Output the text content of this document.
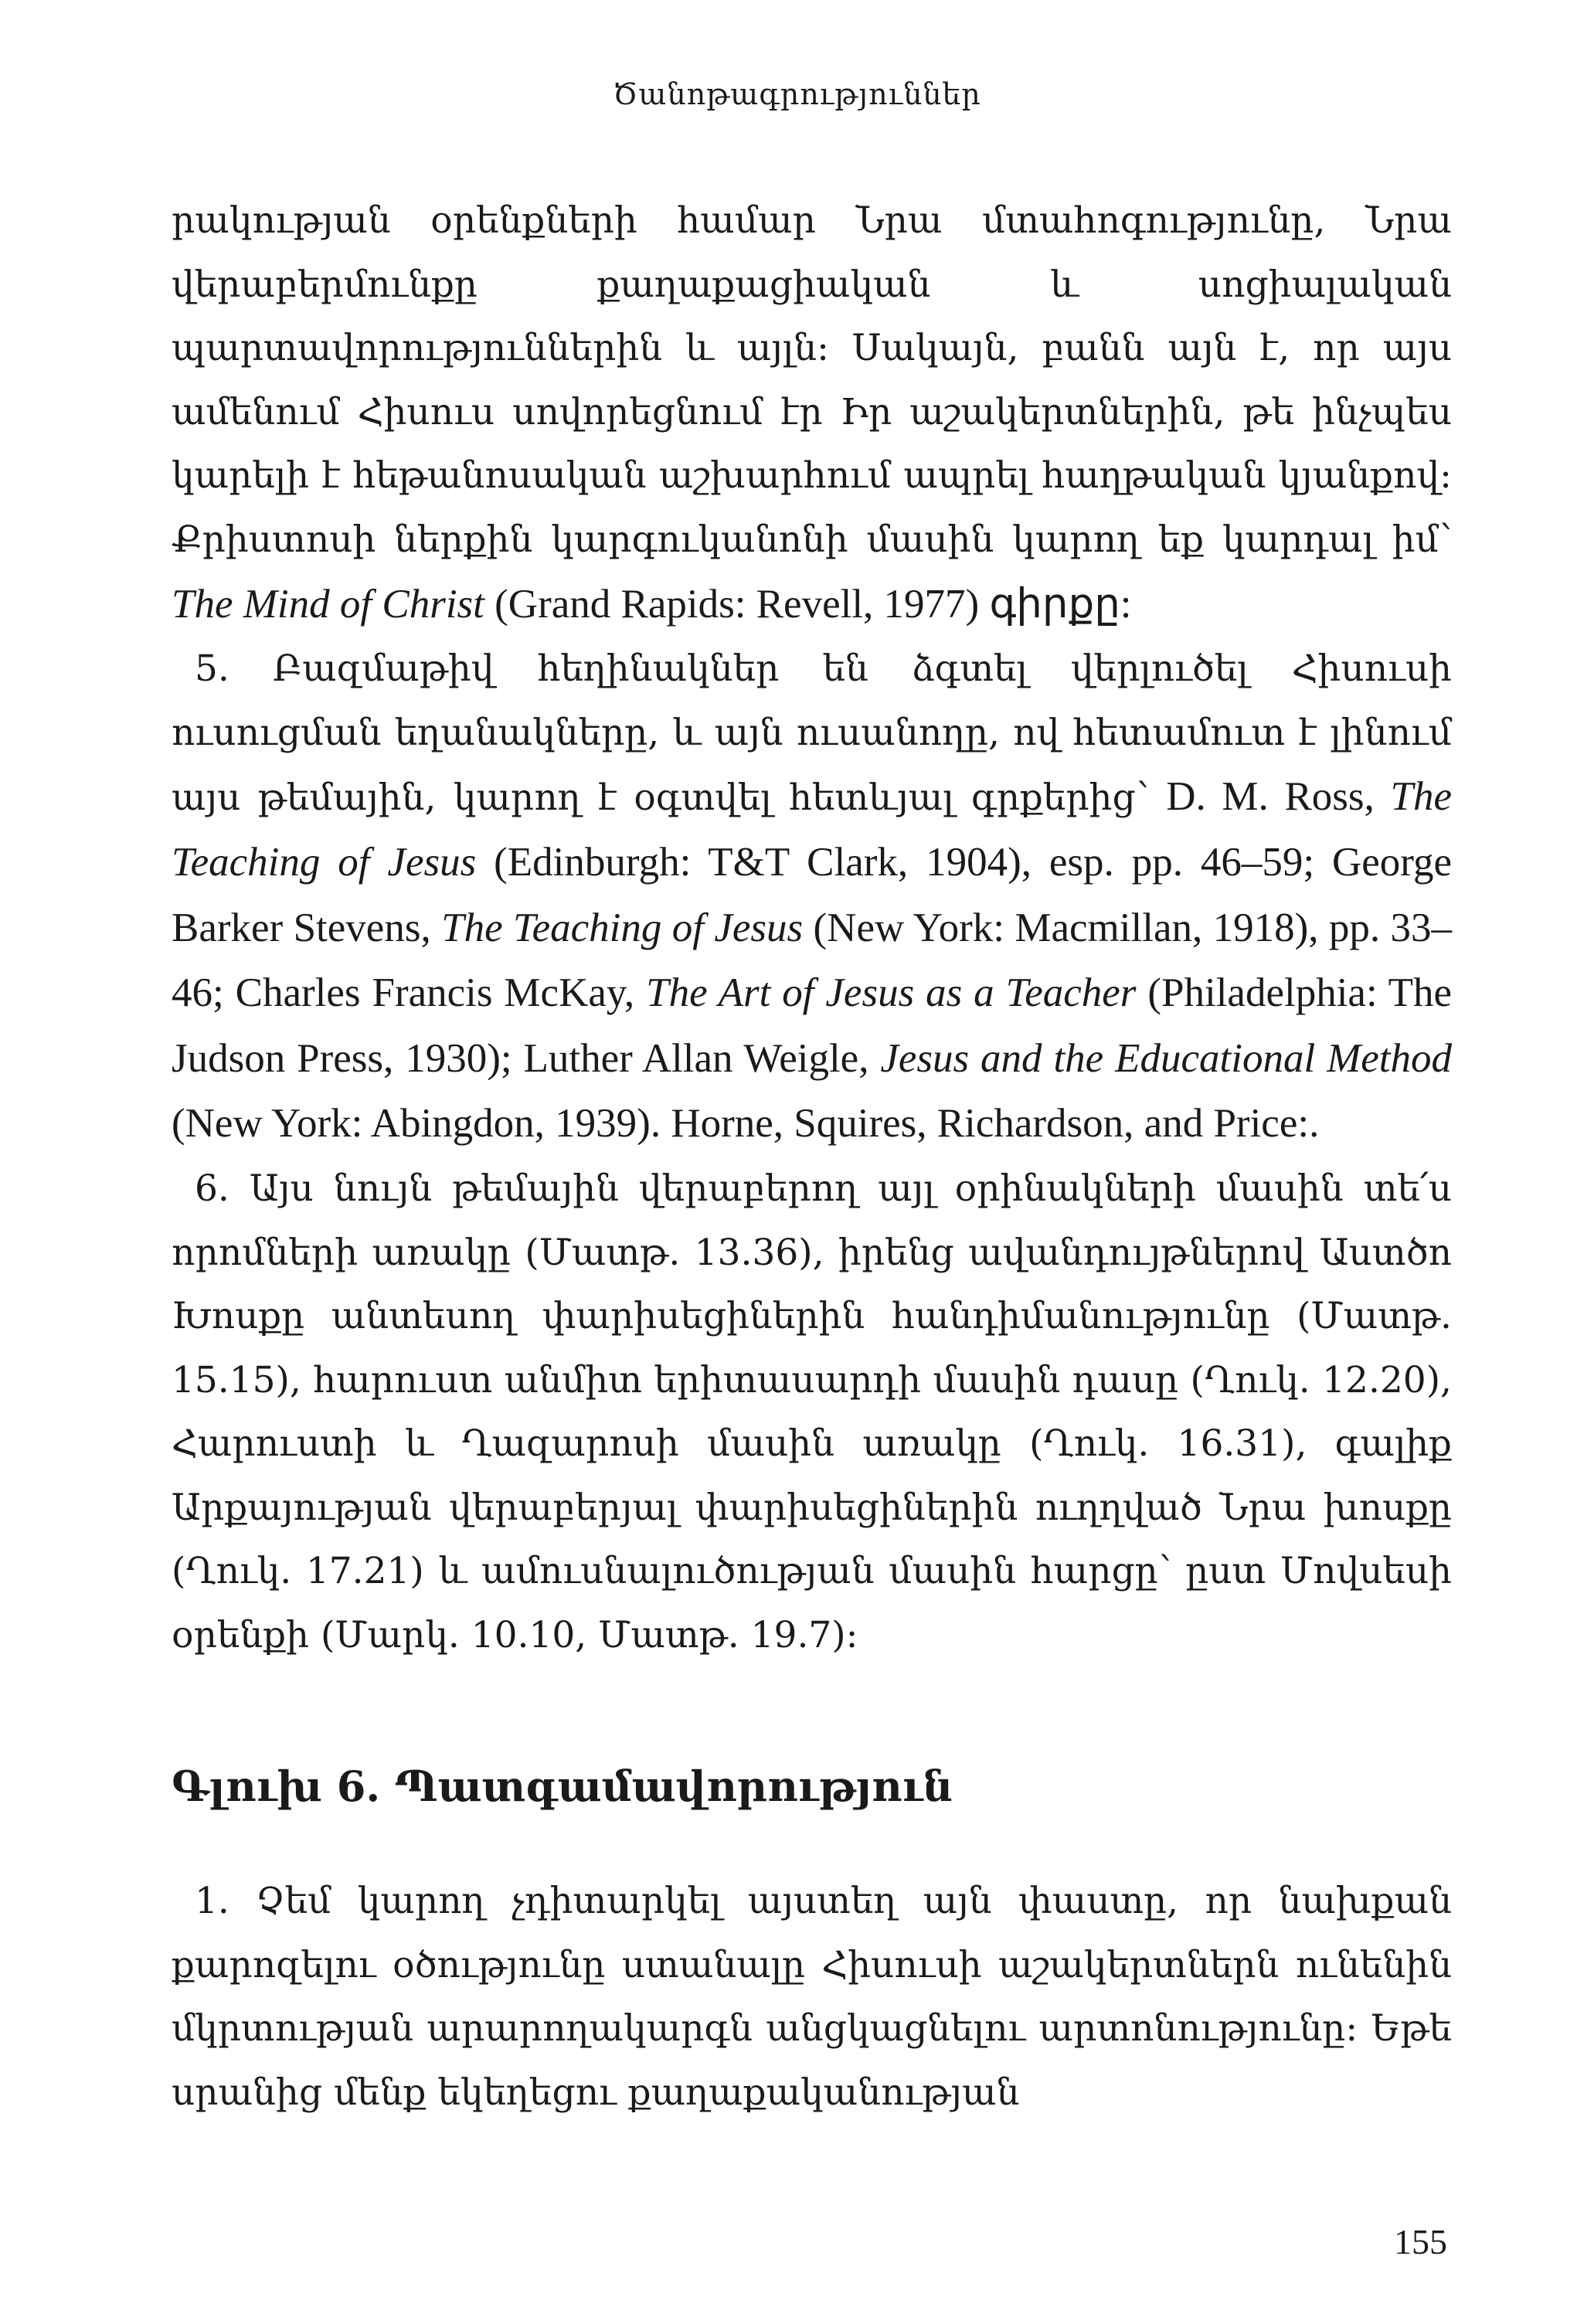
Ծանոթագրություններ

րակության օրենքների համար Նրա մտահոգությունը, Նրա վերաբերմունքը քաղաքացիական և սոցիալական պարտավորություններին և այլն: Սակայն, բանն այն է, որ այս ամենում Հիսուս սովորեցնում էր Իր աշակերտներին, թե ինչպես կարելի է հեթանոսական աշխարհում ապրել հաղթական կյանքով: Քրիստոսի ներքին կարգուկանոնի մասին կարող եք կարդալ իմ՝ The Mind of Christ (Grand Rapids: Revell, 1977) գիրքը:

5. Բազմաթիվ հեղինակներ են ձգտել վերլուծել Հիսուսի ուսուցման եղանակները, և այն ուսանողը, ով հետամուտ է լինում այս թեմային, կարող է օգտվել հետևյալ գրքերից՝ D. M. Ross, The Teaching of Jesus (Edinburgh: T&T Clark, 1904), esp. pp. 46–59; George Barker Stevens, The Teaching of Jesus (New York: Macmillan, 1918), pp. 33–46; Charles Francis McKay, The Art of Jesus as a Teacher (Philadelphia: The Judson Press, 1930); Luther Allan Weigle, Jesus and the Educational Method (New York: Abingdon, 1939). Horne, Squires, Richardson, and Price:.

6. Այս նույն թեմային վերաբերող այլ օրինակների մասին տե՛ս որոմների առակը (Մատթ. 13.36), իրենց ավանդույթներով Աստծո Խոսքը անտեսող փարիսեցիներին հանդիմանությունը (Մատթ. 15.15), հարուստ անմիտ երիտասարդի մասին դասը (Ղուկ. 12.20), Հարուստի և Ղազարոսի մասին առակը (Ղուկ. 16.31), գալիք Արքայության վերաբերյալ փարիսեցիներին ուղղված Նրա խոսքը (Ղուկ. 17.21) և ամուսնալուծության մասին հարցը՝ ըստ Մովսեսի օրենքի (Մարկ. 10.10, Մատթ. 19.7):

Գլուխ 6. Պատգամավորություն

1. Չեմ կարող չդիտարկել այստեղ այն փաստը, որ նախքան քարոզելու օծությունը ստանալը Հիսուսի աշակերտներն ունենին մկրտության արարողակարգն անցկացնելու արտոնությունը: Եթե սրանից մենք եկեղեցու քաղաքականության

155
